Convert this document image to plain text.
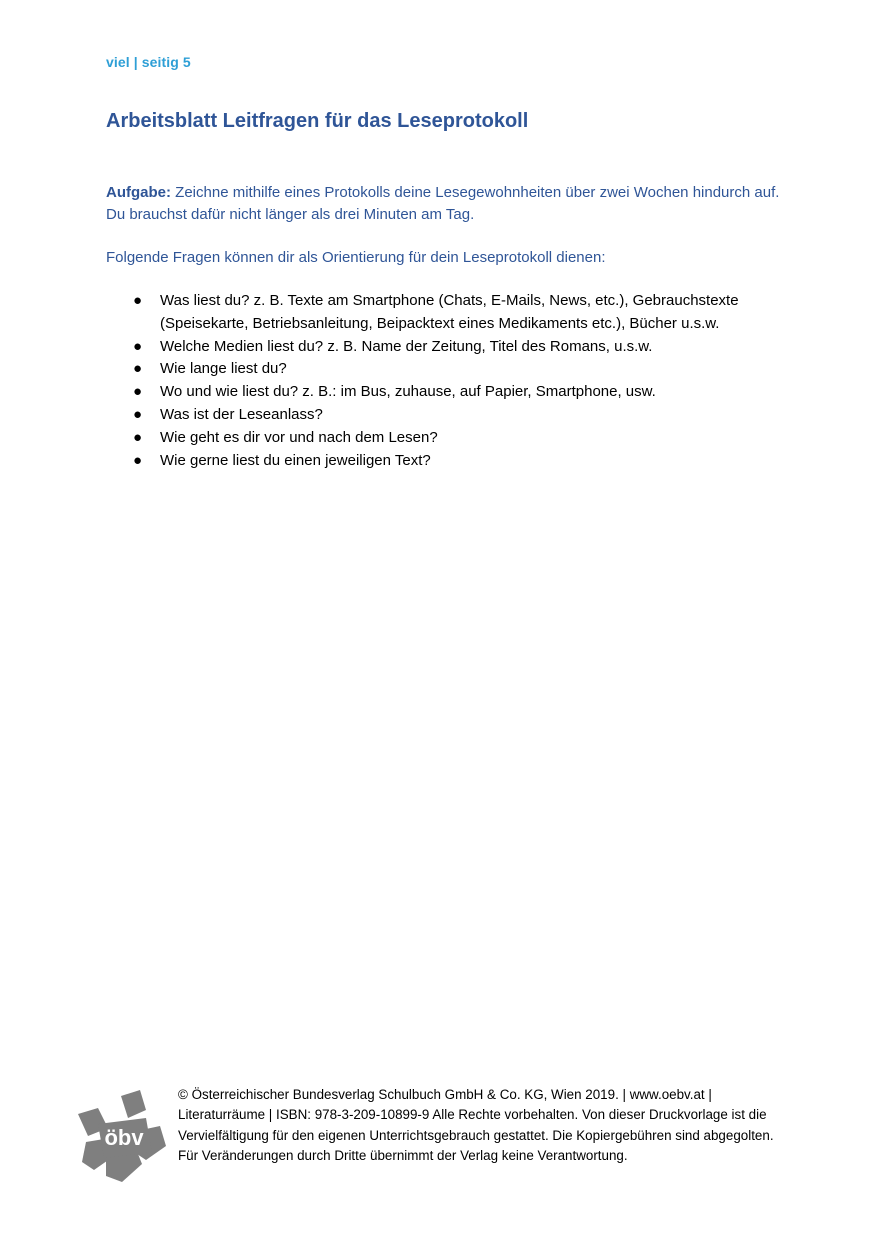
viel | seitig 5
Arbeitsblatt Leitfragen für das Leseprotokoll

Aufgabe: Zeichne mithilfe eines Protokolls deine Lesegewohnheiten über zwei Wochen hindurch auf. Du brauchst dafür nicht länger als drei Minuten am Tag.

Folgende Fragen können dir als Orientierung für dein Leseprotokoll dienen:

● Was liest du? z. B. Texte am Smartphone (Chats, E-Mails, News, etc.), Gebrauchstexte (Speisekarte, Betriebsanleitung, Beipacktext eines Medikaments etc.), Bücher u.s.w.
● Welche Medien liest du? z. B. Name der Zeitung, Titel des Romans, u.s.w.
● Wie lange liest du?
● Wo und wie liest du? z. B.: im Bus, zuhause, auf Papier, Smartphone, usw.
● Was ist der Leseanlass?
● Wie geht es dir vor und nach dem Lesen?
● Wie gerne liest du einen jeweiligen Text?
öbv

© Österreichischer Bundesverlag Schulbuch GmbH & Co. KG, Wien 2019. | www.oebv.at | Literaturräume | ISBN: 978-3-209-10899-9 Alle Rechte vorbehalten. Von dieser Druckvorlage ist die Vervielfältigung für den eigenen Unterrichtsgebrauch gestattet. Die Kopiergebühren sind abgegolten. Für Veränderungen durch Dritte übernimmt der Verlag keine Verantwortung.
